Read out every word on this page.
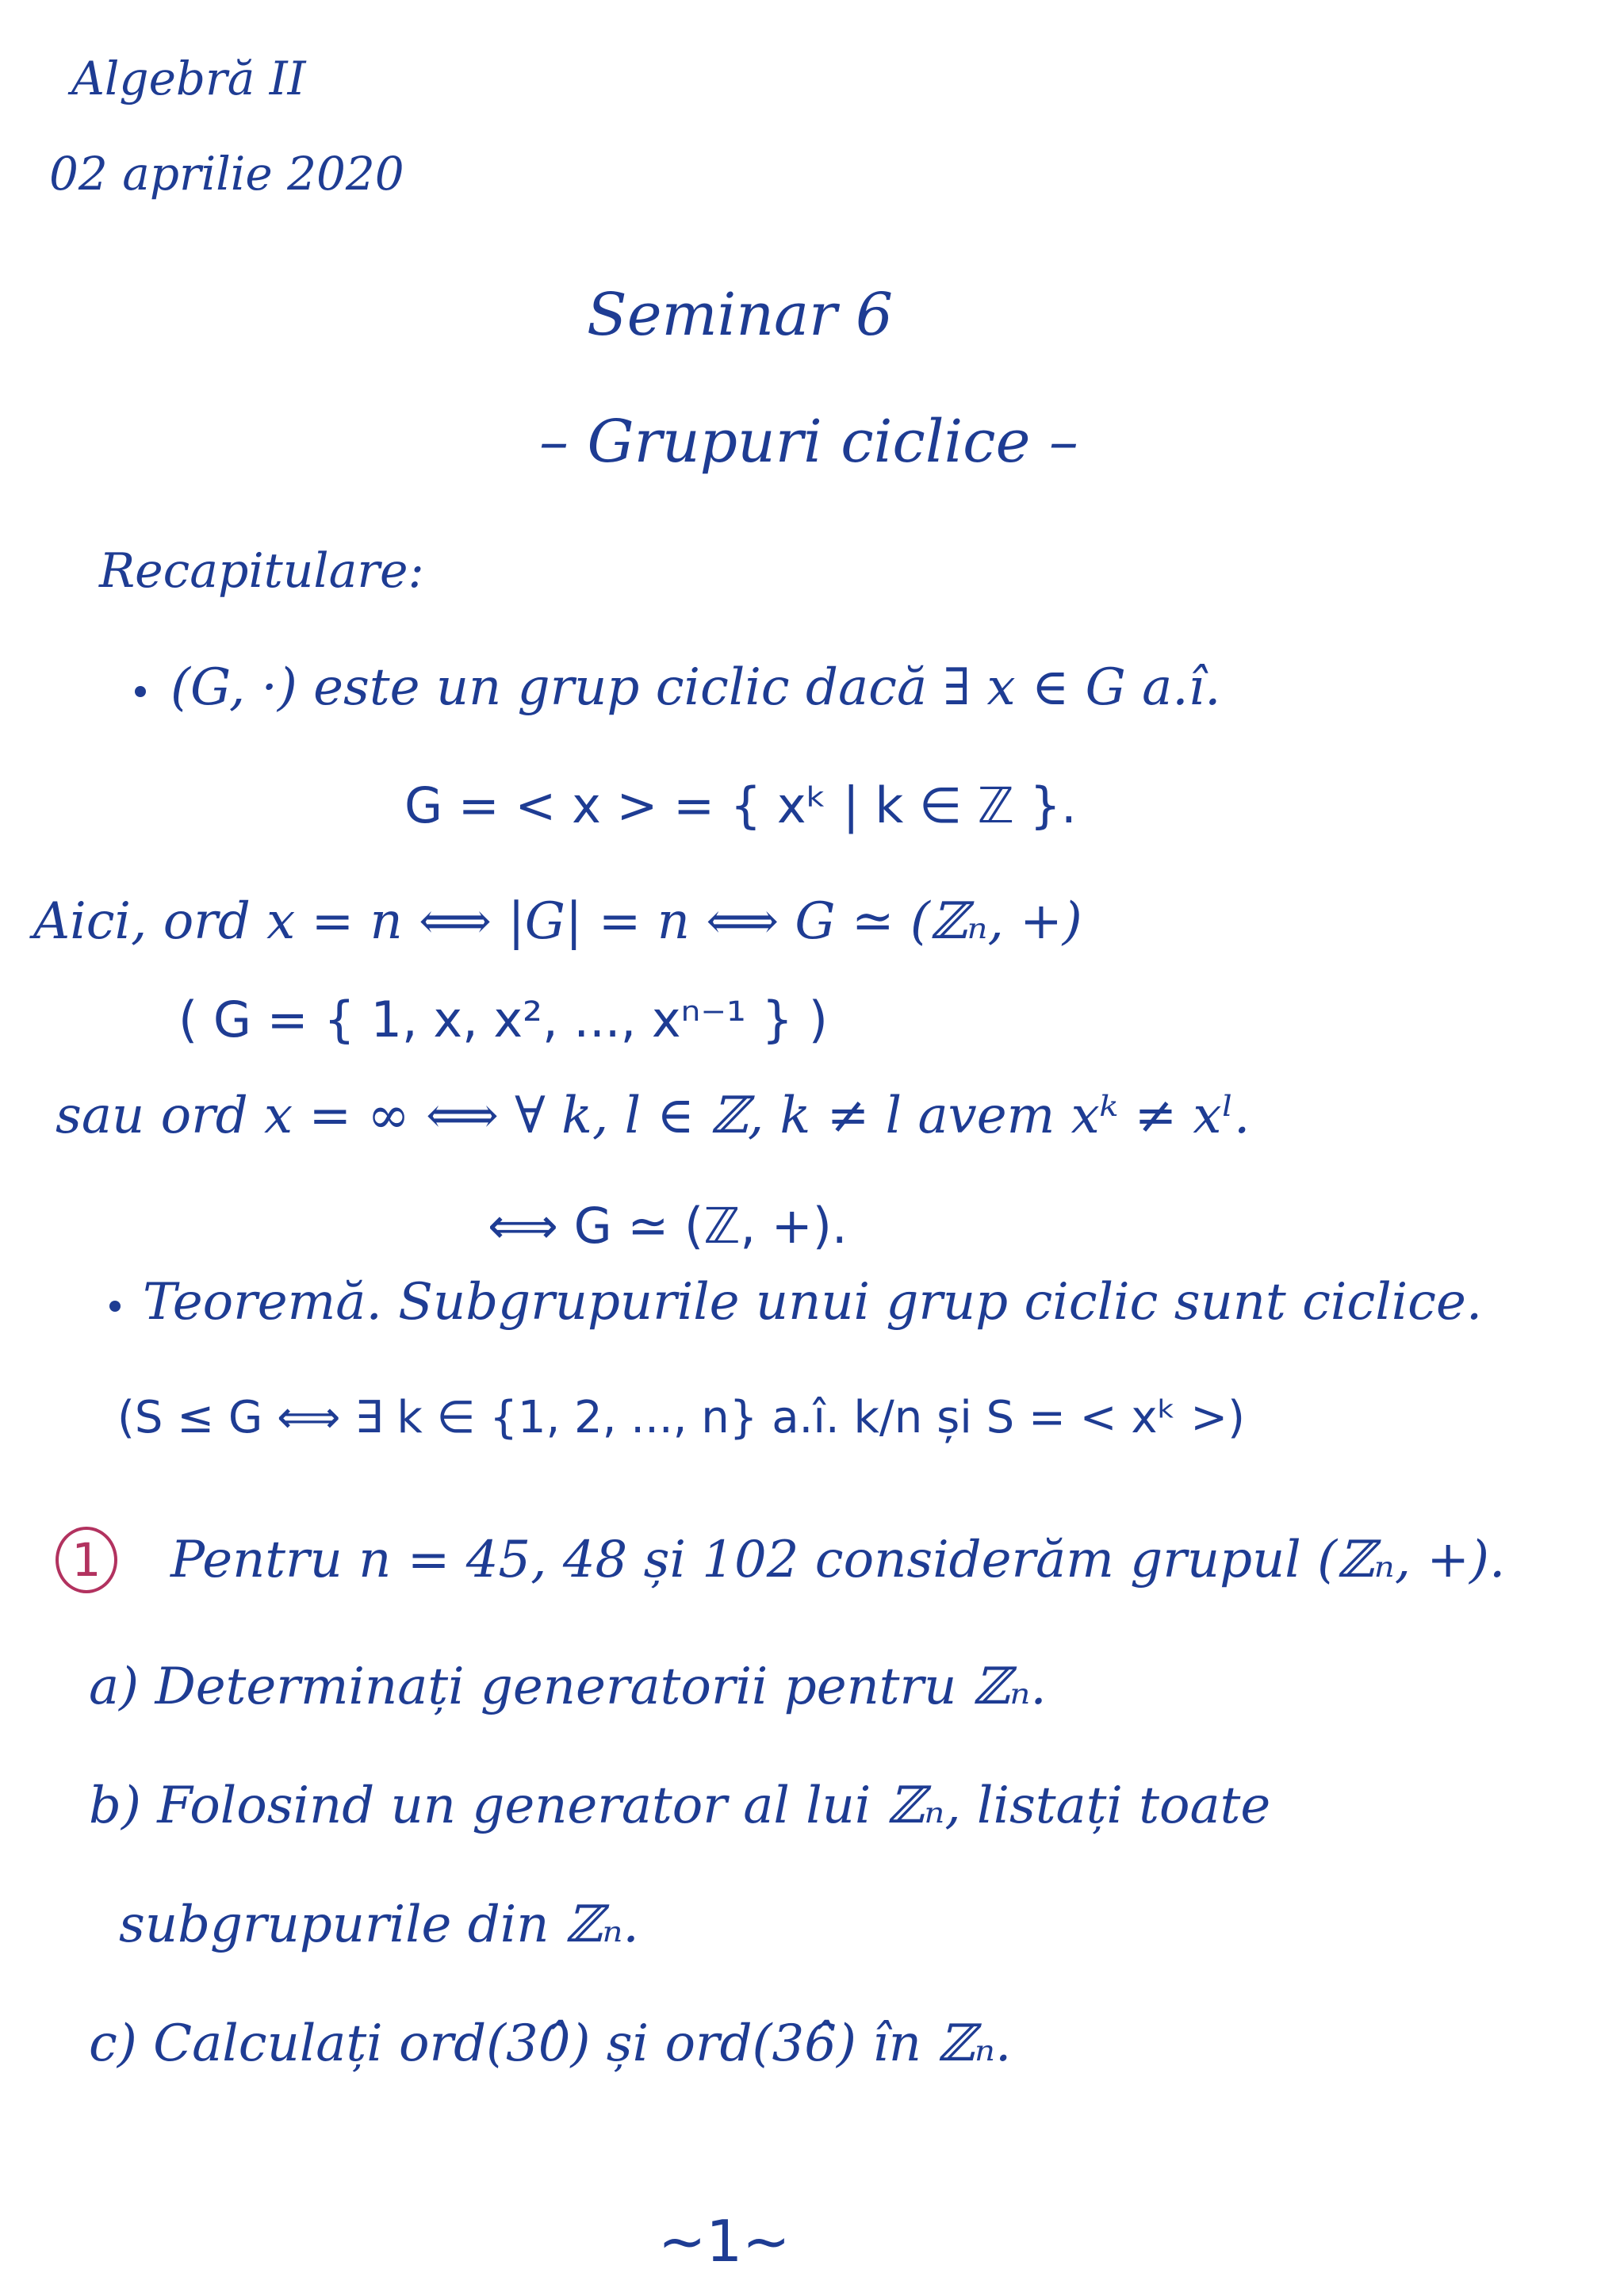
Algebră II
02 aprilie 2020
Seminar 6
– Grupuri ciclice –
Recapitulare:
(G, ·) este un grup ciclic dacă ∃ x ∈ G a.î.
G = < x > = { xᵏ | k ∈ ℤ }.
Aici, ord x = n ⟺ |G| = n ⟺ G ≃ (ℤₙ, +)
( G = { 1, x, x², ..., xⁿ⁻¹ } )
sau ord x = ∞ ⟺ ∀ k, l ∈ ℤ, k ≠ l avem xᵏ ≠ xˡ.
⟺ G ≃ (ℤ, +).
Teoremă. Subgrupurile unui grup ciclic sunt ciclice.
(S ≤ G ⟺ ∃ k ∈ {1, 2, ..., n} a.î. k/n și S = < xᵏ >)
1 Pentru n = 45, 48 și 102 considerăm grupul (ℤₙ, +).
a) Determinați generatorii pentru ℤₙ.
b) Folosind un generator al lui ℤₙ, listați toate
subgrupurile din ℤₙ.
c) Calculați ord(30̂) și ord(36̂) în ℤₙ.
~1~
